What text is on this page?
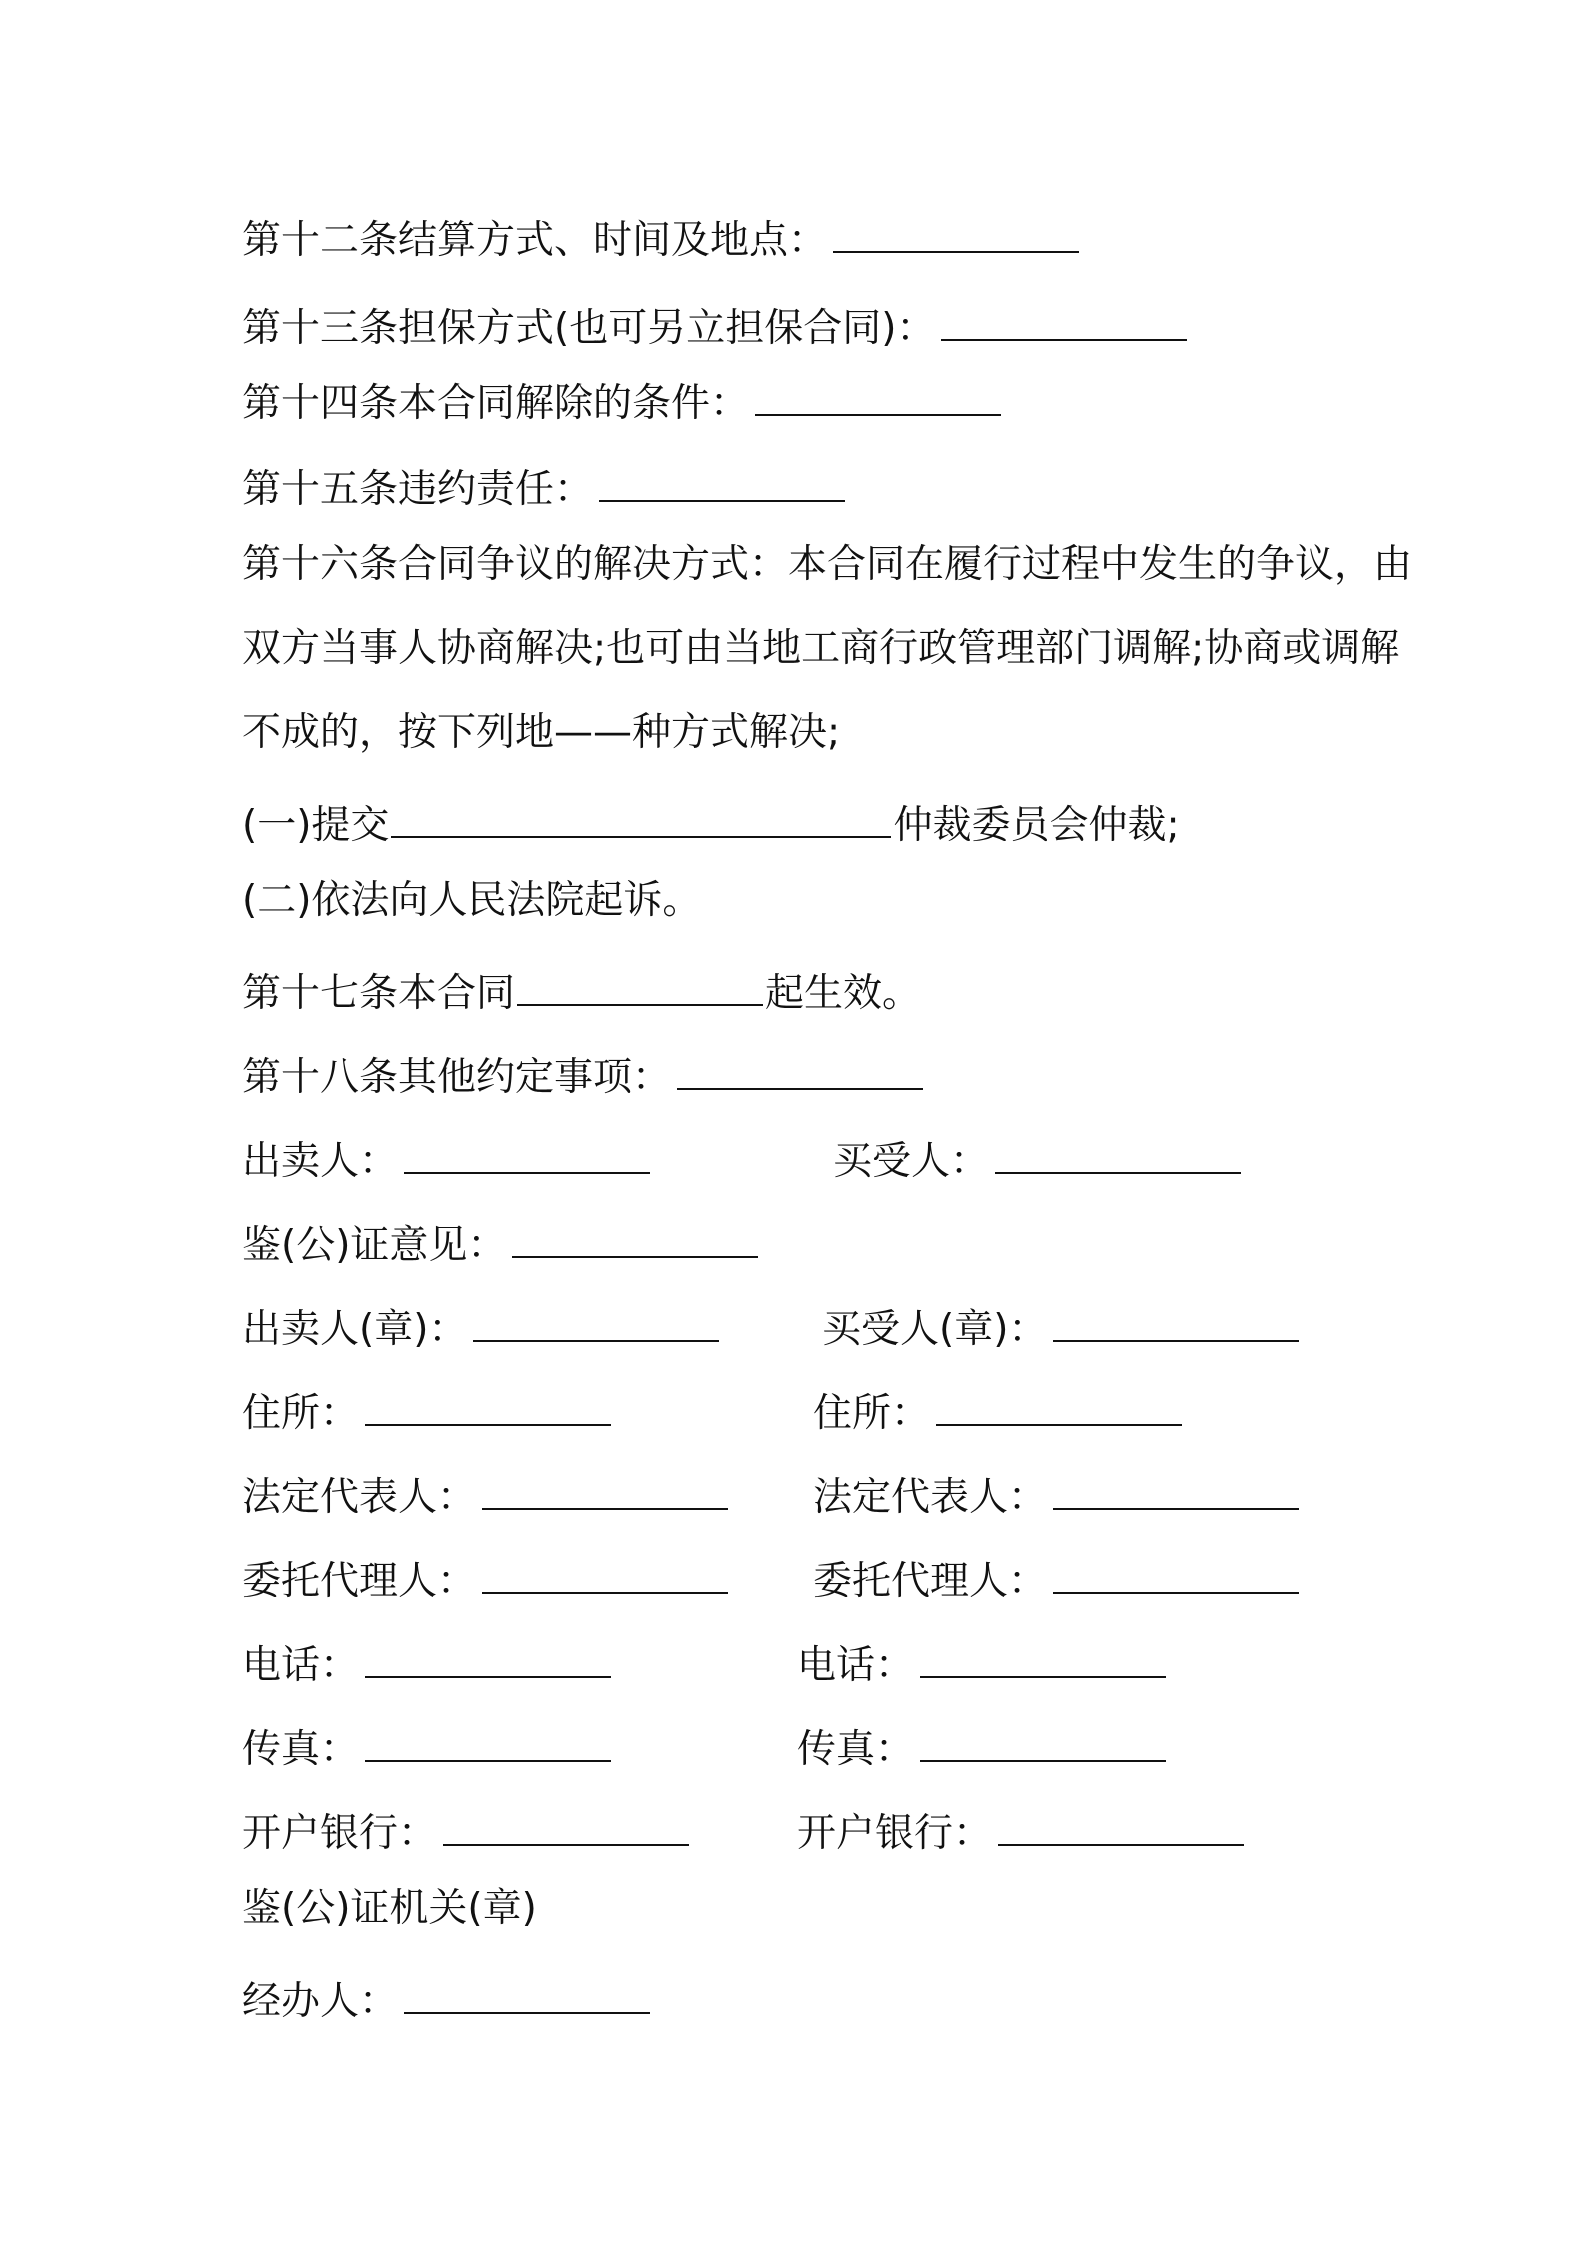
第十二条结算方式、时间及地点：
第十三条担保方式(也可另立担保合同)：
第十四条本合同解除的条件：
第十五条违约责任：
第十六条合同争议的解决方式：本合同在履行过程中发生的争议，由
双方当事人协商解决;也可由当地工商行政管理部门调解;协商或调解
不成的，按下列地——种方式解决;
(一)提交	仲裁委员会仲裁;
(二)依法向人民法院起诉。
第十七条本合同	起生效。
第十八条其他约定事项：
出卖人：	买受人：
鉴(公)证意见：
出卖人(章)：	买受人(章)：
住所：	住所：
法定代表人：	法定代表人：
委托代理人：	委托代理人：
电话：	电话：
传真：	传真：
开户银行：	开户银行：
鉴(公)证机关(章)
经办人：
